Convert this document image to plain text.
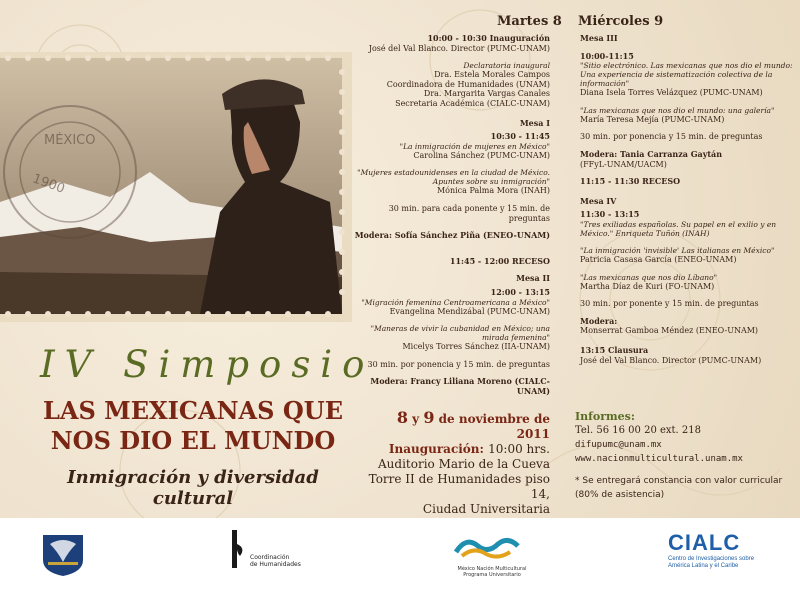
MÉXICO
1900
Martes 8 Miércoles 9
10:00 - 10:30 Inauguración
José del Val Blanco. Director (PUMC-UNAM)
Declaratoria inaugural
Dra. Estela Morales Campos
Coordinadora de Humanidades (UNAM)
Dra. Margarita Vargas Canales
Secretaria Académica (CIALC-UNAM)
Mesa I
10:30 - 11:45
"La inmigración de mujeres en México"
Carolina Sánchez (PUMC-UNAM)
"Mujeres estadounidenses en la ciudad de México. Apuntes sobre su inmigración"
Mónica Palma Mora (INAH)
30 min. para cada ponente y 15 min. de preguntas
Modera: Sofía Sánchez Piña (ENEO-UNAM)
11:45 - 12:00 RECESO
Mesa II
12:00 - 13:15
"Migración femenina Centroamericana a México"
Evangelina Mendizábal (PUMC-UNAM)
"Maneras de vivir la cubanidad en México; una mirada femenina"
Micelys Torres Sánchez (IIA-UNAM)
30 min. por ponencia y 15 min. de preguntas
Modera: Francy Liliana Moreno (CIALC-UNAM)
Mesa III
10:00-11:15
"Sitio electrónico. Las mexicanas que nos dio el mundo: Una experiencia de sistematización colectiva de la información"
Diana Isela Torres Velázquez (PUMC-UNAM)
"Las mexicanas que nos dio el mundo: una galería"
María Teresa Mejía (PUMC-UNAM)
30 min. por ponencia y 15 min. de preguntas
Modera: Tania Carranza Gaytán
(FFyL-UNAM/UACM)
11:15 - 11:30 RECESO
Mesa IV
11:30 - 13:15
"Tres exiliadas españolas. Su papel en el exilio y en México." Enriqueta Tuñón (INAH)
"La inmigración 'invisible' Las italianas en México"
Patricia Casasa García (ENEO-UNAM)
"Las mexicanas que nos dio Líbano"
Martha Díaz de Kuri (FO-UNAM)
30 min. por ponente y 15 min. de preguntas
Modera:
Monserrat Gamboa Méndez (ENEO-UNAM)
13:15 Clausura
José del Val Blanco. Director (PUMC-UNAM)
IV Simposio
LAS MEXICANAS QUE
NOS DIO EL MUNDO
Inmigración y diversidad cultural
8 y 9 de noviembre de 2011
Inauguración: 10:00 hrs.
Auditorio Mario de la Cueva
Torre II de Humanidades piso 14,
Ciudad Universitaria
Informes:
Tel. 56 16 00 20 ext. 218
difupumc@unam.mx
www.nacionmulticultural.unam.mx
* Se entregará constancia con valor curricular (80% de asistencia)
Coordinación
de Humanidades
México Nación Multicultural
Programa Universitario
CIALC
Centro de Investigaciones sobre
América Latina y el Caribe
